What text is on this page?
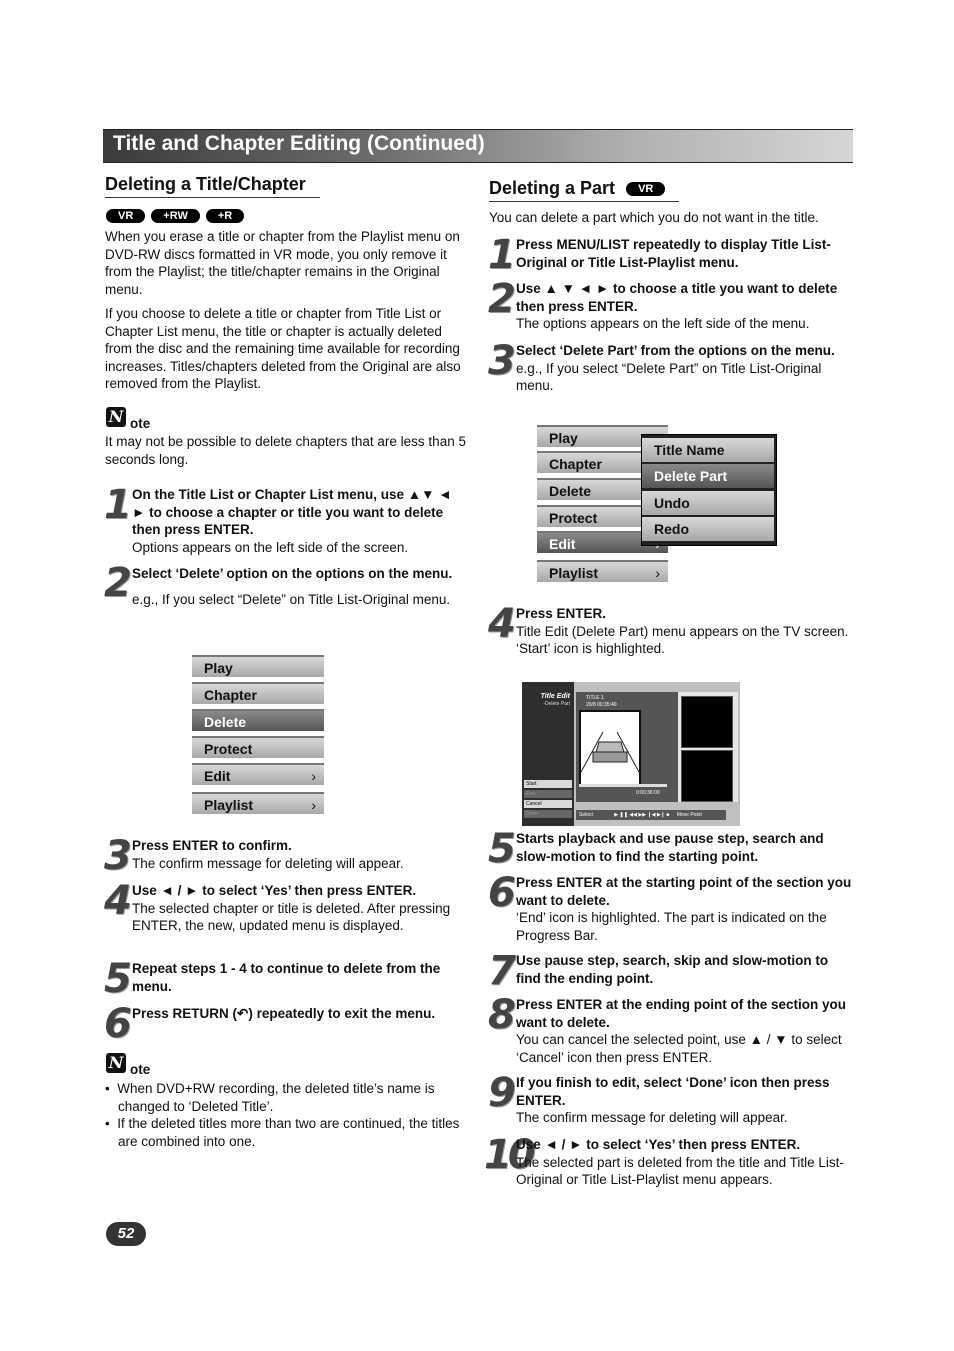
Title and Chapter Editing (Continued)
Deleting a Title/Chapter
VR	+RW	+R
When you erase a title or chapter from the Playlist menu on DVD-RW discs formatted in VR mode, you only remove it from the Playlist; the title/chapter remains in the Original menu.
If you choose to delete a title or chapter from Title List or Chapter List menu, the title or chapter is actually deleted from the disc and the remaining time available for recording increases. Titles/chapters deleted from the Original are also removed from the Playlist.
N ote
It may not be possible to delete chapters that are less than 5 seconds long.
1 On the Title List or Chapter List menu, use ▲▼ ◄ ► to choose a chapter or title you want to delete then press ENTER.
Options appears on the left side of the screen.
2 Select ‘Delete’ option on the options on the menu.
e.g., If you select “Delete” on Title List-Original menu.
Play
Chapter
Delete
Protect
Edit	›
Playlist	›
3 Press ENTER to confirm.
The confirm message for deleting will appear.
4 Use ◄ / ► to select ‘Yes’ then press ENTER.
The selected chapter or title is deleted. After pressing ENTER, the new, updated menu is displayed.
5 Repeat steps 1 - 4 to continue to delete from the menu.
6 Press RETURN (↶) repeatedly to exit the menu.
N ote
•  When DVD+RW recording, the deleted title’s name is changed to ‘Deleted Title’.
•  If the deleted titles more than two are continued, the titles are combined into one.
Deleting a Part VR
You can delete a part which you do not want in the title.
1 Press MENU/LIST repeatedly to display Title List-Original or Title List-Playlist menu.
2 Use ▲ ▼ ◄ ► to choose a title you want to delete then press ENTER.
The options appears on the left side of the menu.
3 Select ‘Delete Part’ from the options on the menu.
e.g., If you select “Delete Part” on Title List-Original menu.
Play
Chapter
Delete
Protect
Edit
Playlist	›
Title Name
Delete Part
Undo
Redo
4 Press ENTER.
Title Edit (Delete Part) menu appears on the TV screen. ‘Start’ icon is highlighted.
Title Edit
-Delete Part
Start
End
Cancel
Done
TITLE 1
20/8 00:35:40
0:00:36:00
Select	▶ ❚❚ ◀◀ ▶▶ ❙◀ ▶❙ ■ Move Point
5 Starts playback and use pause step, search and slow-motion to find the starting point.
6 Press ENTER at the starting point of the section you want to delete.
‘End’ icon is highlighted. The part is indicated on the Progress Bar.
7 Use pause step, search, skip and slow-motion to find the ending point.
8 Press ENTER at the ending point of the section you want to delete.
You can cancel the selected point, use ▲ / ▼ to select ‘Cancel’ icon then press ENTER.
9 If you finish to edit, select ‘Done’ icon then press ENTER.
The confirm message for deleting will appear.
10
Use ◄ / ► to select ‘Yes’ then press ENTER.
The selected part is deleted from the title and Title List-Original or Title List-Playlist menu appears.
52
